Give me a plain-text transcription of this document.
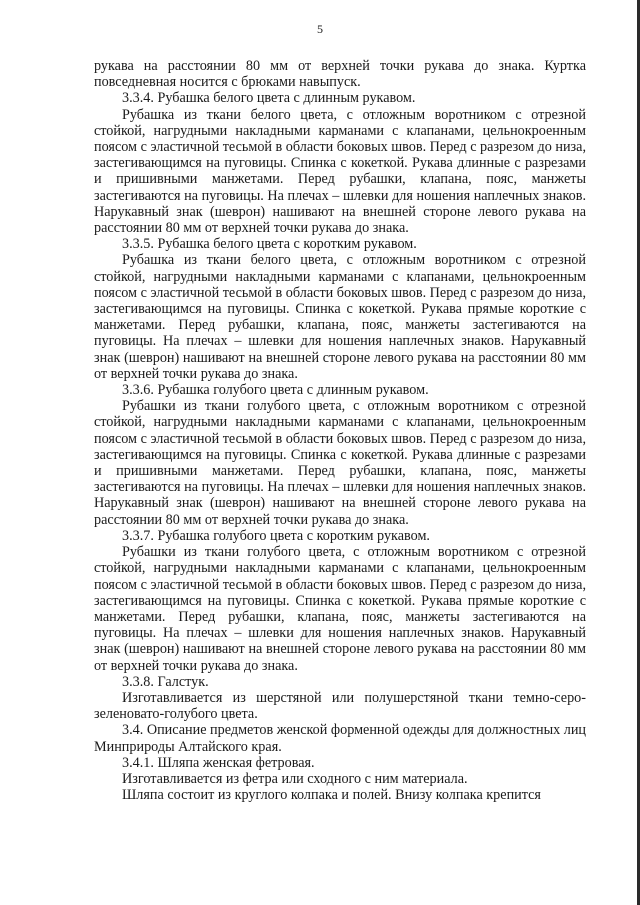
5

рукава на расстоянии 80 мм от верхней точки рукава до знака. Куртка повседневная носится с брюками навыпуск.

3.3.4. Рубашка белого цвета с длинным рукавом.

Рубашка из ткани белого цвета, с отложным воротником с отрезной стойкой, нагрудными накладными карманами с клапанами, цельнокроенным поясом с эластичной тесьмой в области боковых швов. Перед с разрезом до низа, застегивающимся на пуговицы. Спинка с кокеткой. Рукава длинные с разрезами и пришивными манжетами. Перед рубашки, клапана, пояс, манжеты застегиваются на пуговицы. На плечах – шлевки для ношения наплечных знаков. Нарукавный знак (шеврон) нашивают на внешней стороне левого рукава на расстоянии 80 мм от верхней точки рукава до знака.

3.3.5. Рубашка белого цвета с коротким рукавом.

Рубашка из ткани белого цвета, с отложным воротником с отрезной стойкой, нагрудными накладными карманами с клапанами, цельнокроенным поясом с эластичной тесьмой в области боковых швов. Перед с разрезом до низа, застегивающимся на пуговицы. Спинка с кокеткой. Рукава прямые короткие с манжетами. Перед рубашки, клапана, пояс, манжеты застегиваются на пуговицы. На плечах – шлевки для ношения наплечных знаков. Нарукавный знак (шеврон) нашивают на внешней стороне левого рукава на расстоянии 80 мм от верхней точки рукава до знака.

3.3.6. Рубашка голубого цвета с длинным рукавом.

Рубашки из ткани голубого цвета, с отложным воротником с отрезной стойкой, нагрудными накладными карманами с клапанами, цельнокроенным поясом с эластичной тесьмой в области боковых швов. Перед с разрезом до низа, застегивающимся на пуговицы. Спинка с кокеткой. Рукава длинные с разрезами и пришивными манжетами. Перед рубашки, клапана, пояс, манжеты застегиваются на пуговицы. На плечах – шлевки для ношения наплечных знаков. Нарукавный знак (шеврон) нашивают на внешней стороне левого рукава на расстоянии 80 мм от верхней точки рукава до знака.

3.3.7. Рубашка голубого цвета с коротким рукавом.

Рубашки из ткани голубого цвета, с отложным воротником с отрезной стойкой, нагрудными накладными карманами с клапанами, цельнокроенным поясом с эластичной тесьмой в области боковых швов. Перед с разрезом до низа, застегивающимся на пуговицы. Спинка с кокеткой. Рукава прямые короткие с манжетами. Перед рубашки, клапана, пояс, манжеты застегиваются на пуговицы. На плечах – шлевки для ношения наплечных знаков. Нарукавный знак (шеврон) нашивают на внешней стороне левого рукава на расстоянии 80 мм от верхней точки рукава до знака.

3.3.8. Галстук.

Изготавливается из шерстяной или полушерстяной ткани темно-серо-зеленовато-голубого цвета.

3.4. Описание предметов женской форменной одежды для должностных лиц Минприроды Алтайского края.

3.4.1. Шляпа женская фетровая.

Изготавливается из фетра или сходного с ним материала.

Шляпа состоит из круглого колпака и полей. Внизу колпака крепится
